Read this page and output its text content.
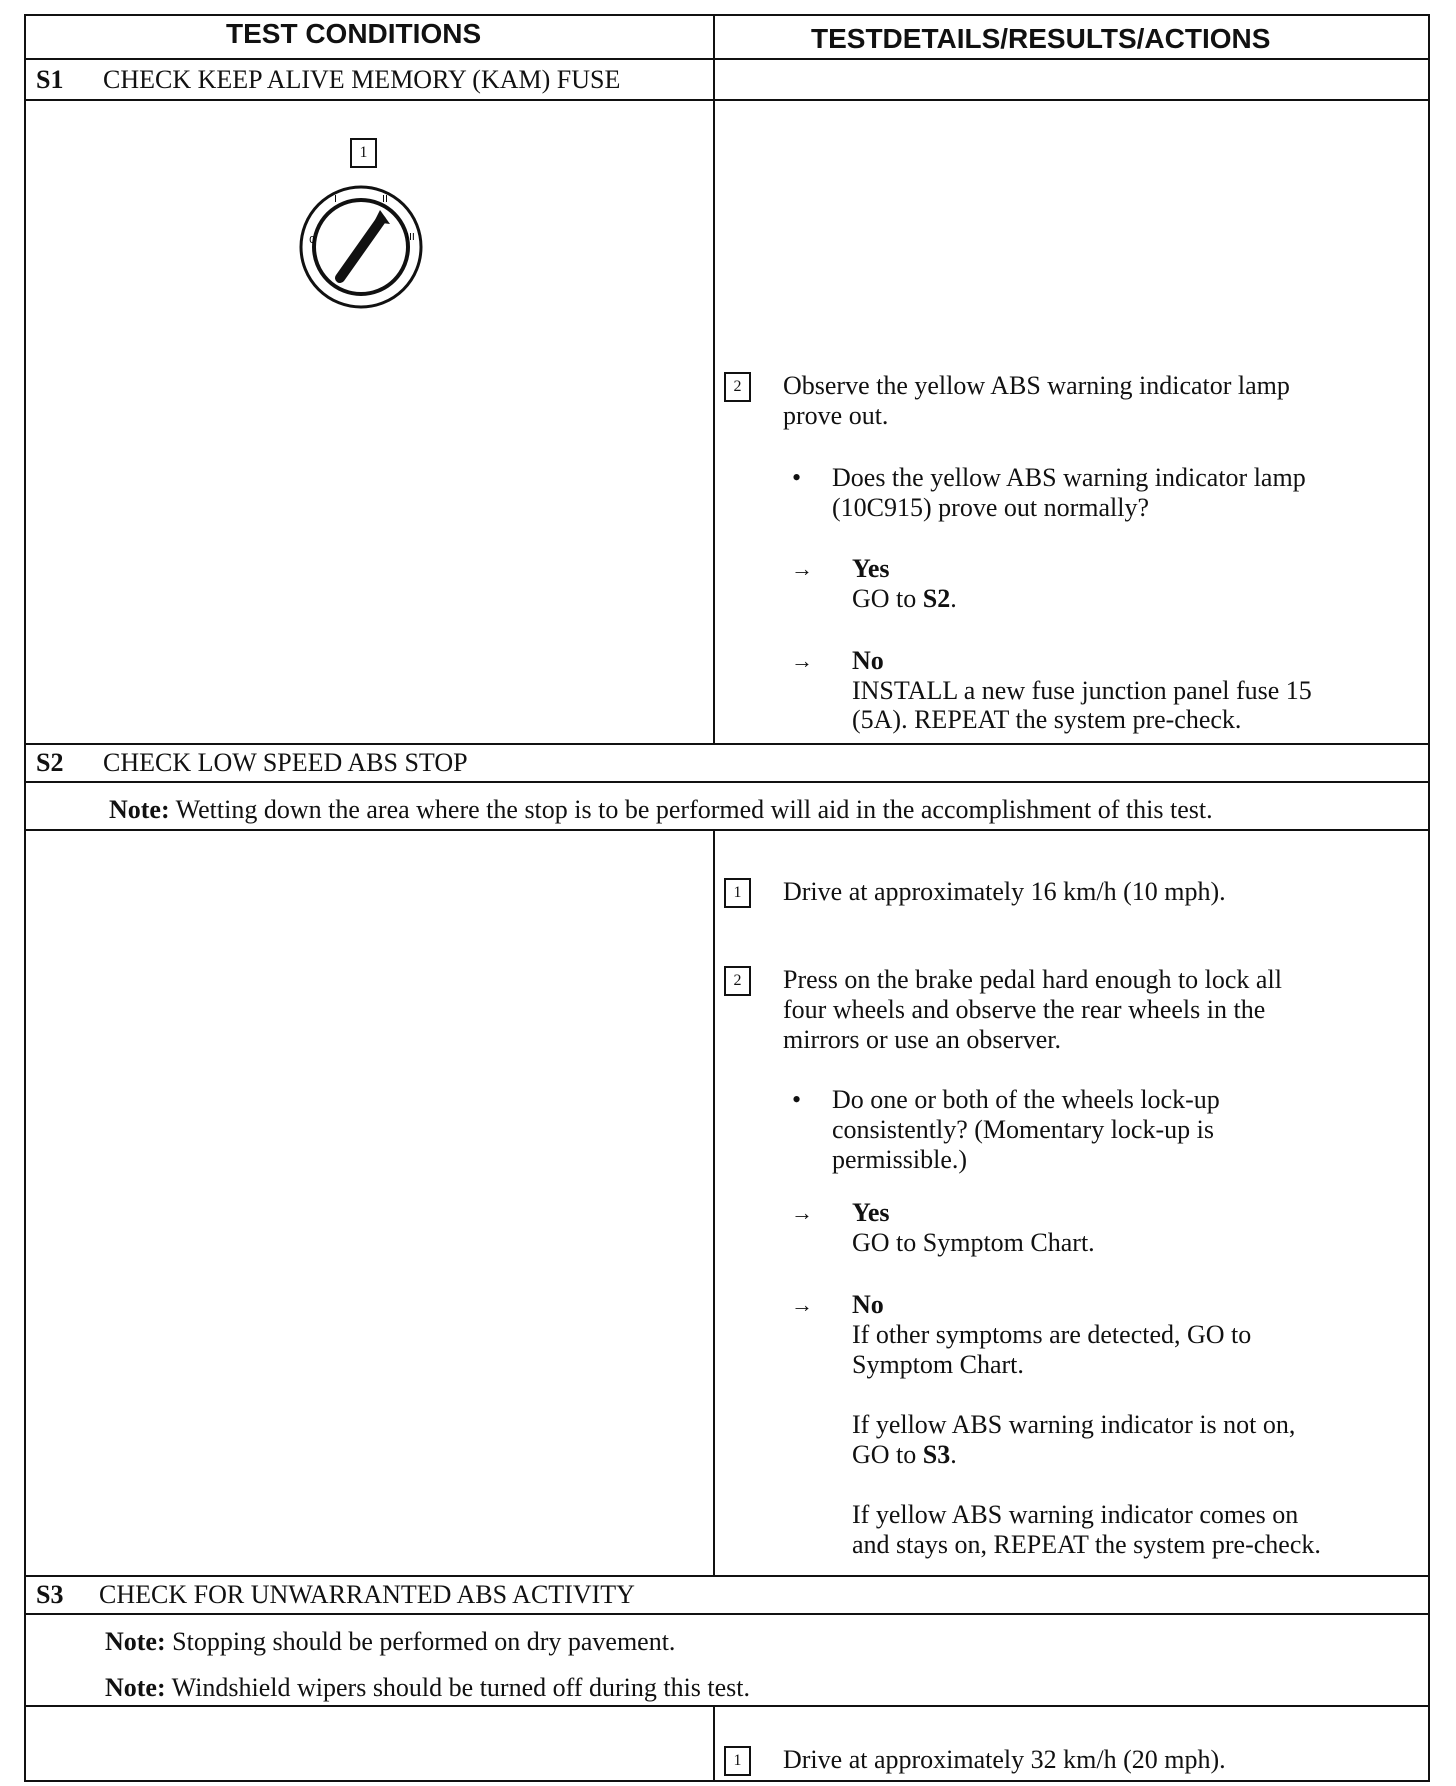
TEST CONDITIONS	TESTDETAILS/RESULTS/ACTIONS
S1 CHECK KEEP ALIVE MEMORY (KAM) FUSE
1
0
I	II
III
2	Observe the yellow ABS warning indicator lamp
prove out.
• Does the yellow ABS warning indicator lamp
(10C915) prove out normally?
→ Yes
GO to S2.
→ No
INSTALL a new fuse junction panel fuse 15
(5A). REPEAT the system pre-check.
S2 CHECK LOW SPEED ABS STOP
Note: Wetting down the area where the stop is to be performed will aid in the accomplishment of this test.
1	Drive at approximately 16 km/h (10 mph).
2	Press on the brake pedal hard enough to lock all
four wheels and observe the rear wheels in the
mirrors or use an observer.
• Do one or both of the wheels lock-up
consistently? (Momentary lock-up is
permissible.)
→ Yes
GO to Symptom Chart.
→ No
If other symptoms are detected, GO to
Symptom Chart.
If yellow ABS warning indicator is not on,
GO to S3.
If yellow ABS warning indicator comes on
and stays on, REPEAT the system pre-check.
S3 CHECK FOR UNWARRANTED ABS ACTIVITY
Note: Stopping should be performed on dry pavement.
Note: Windshield wipers should be turned off during this test.
1	Drive at approximately 32 km/h (20 mph).
